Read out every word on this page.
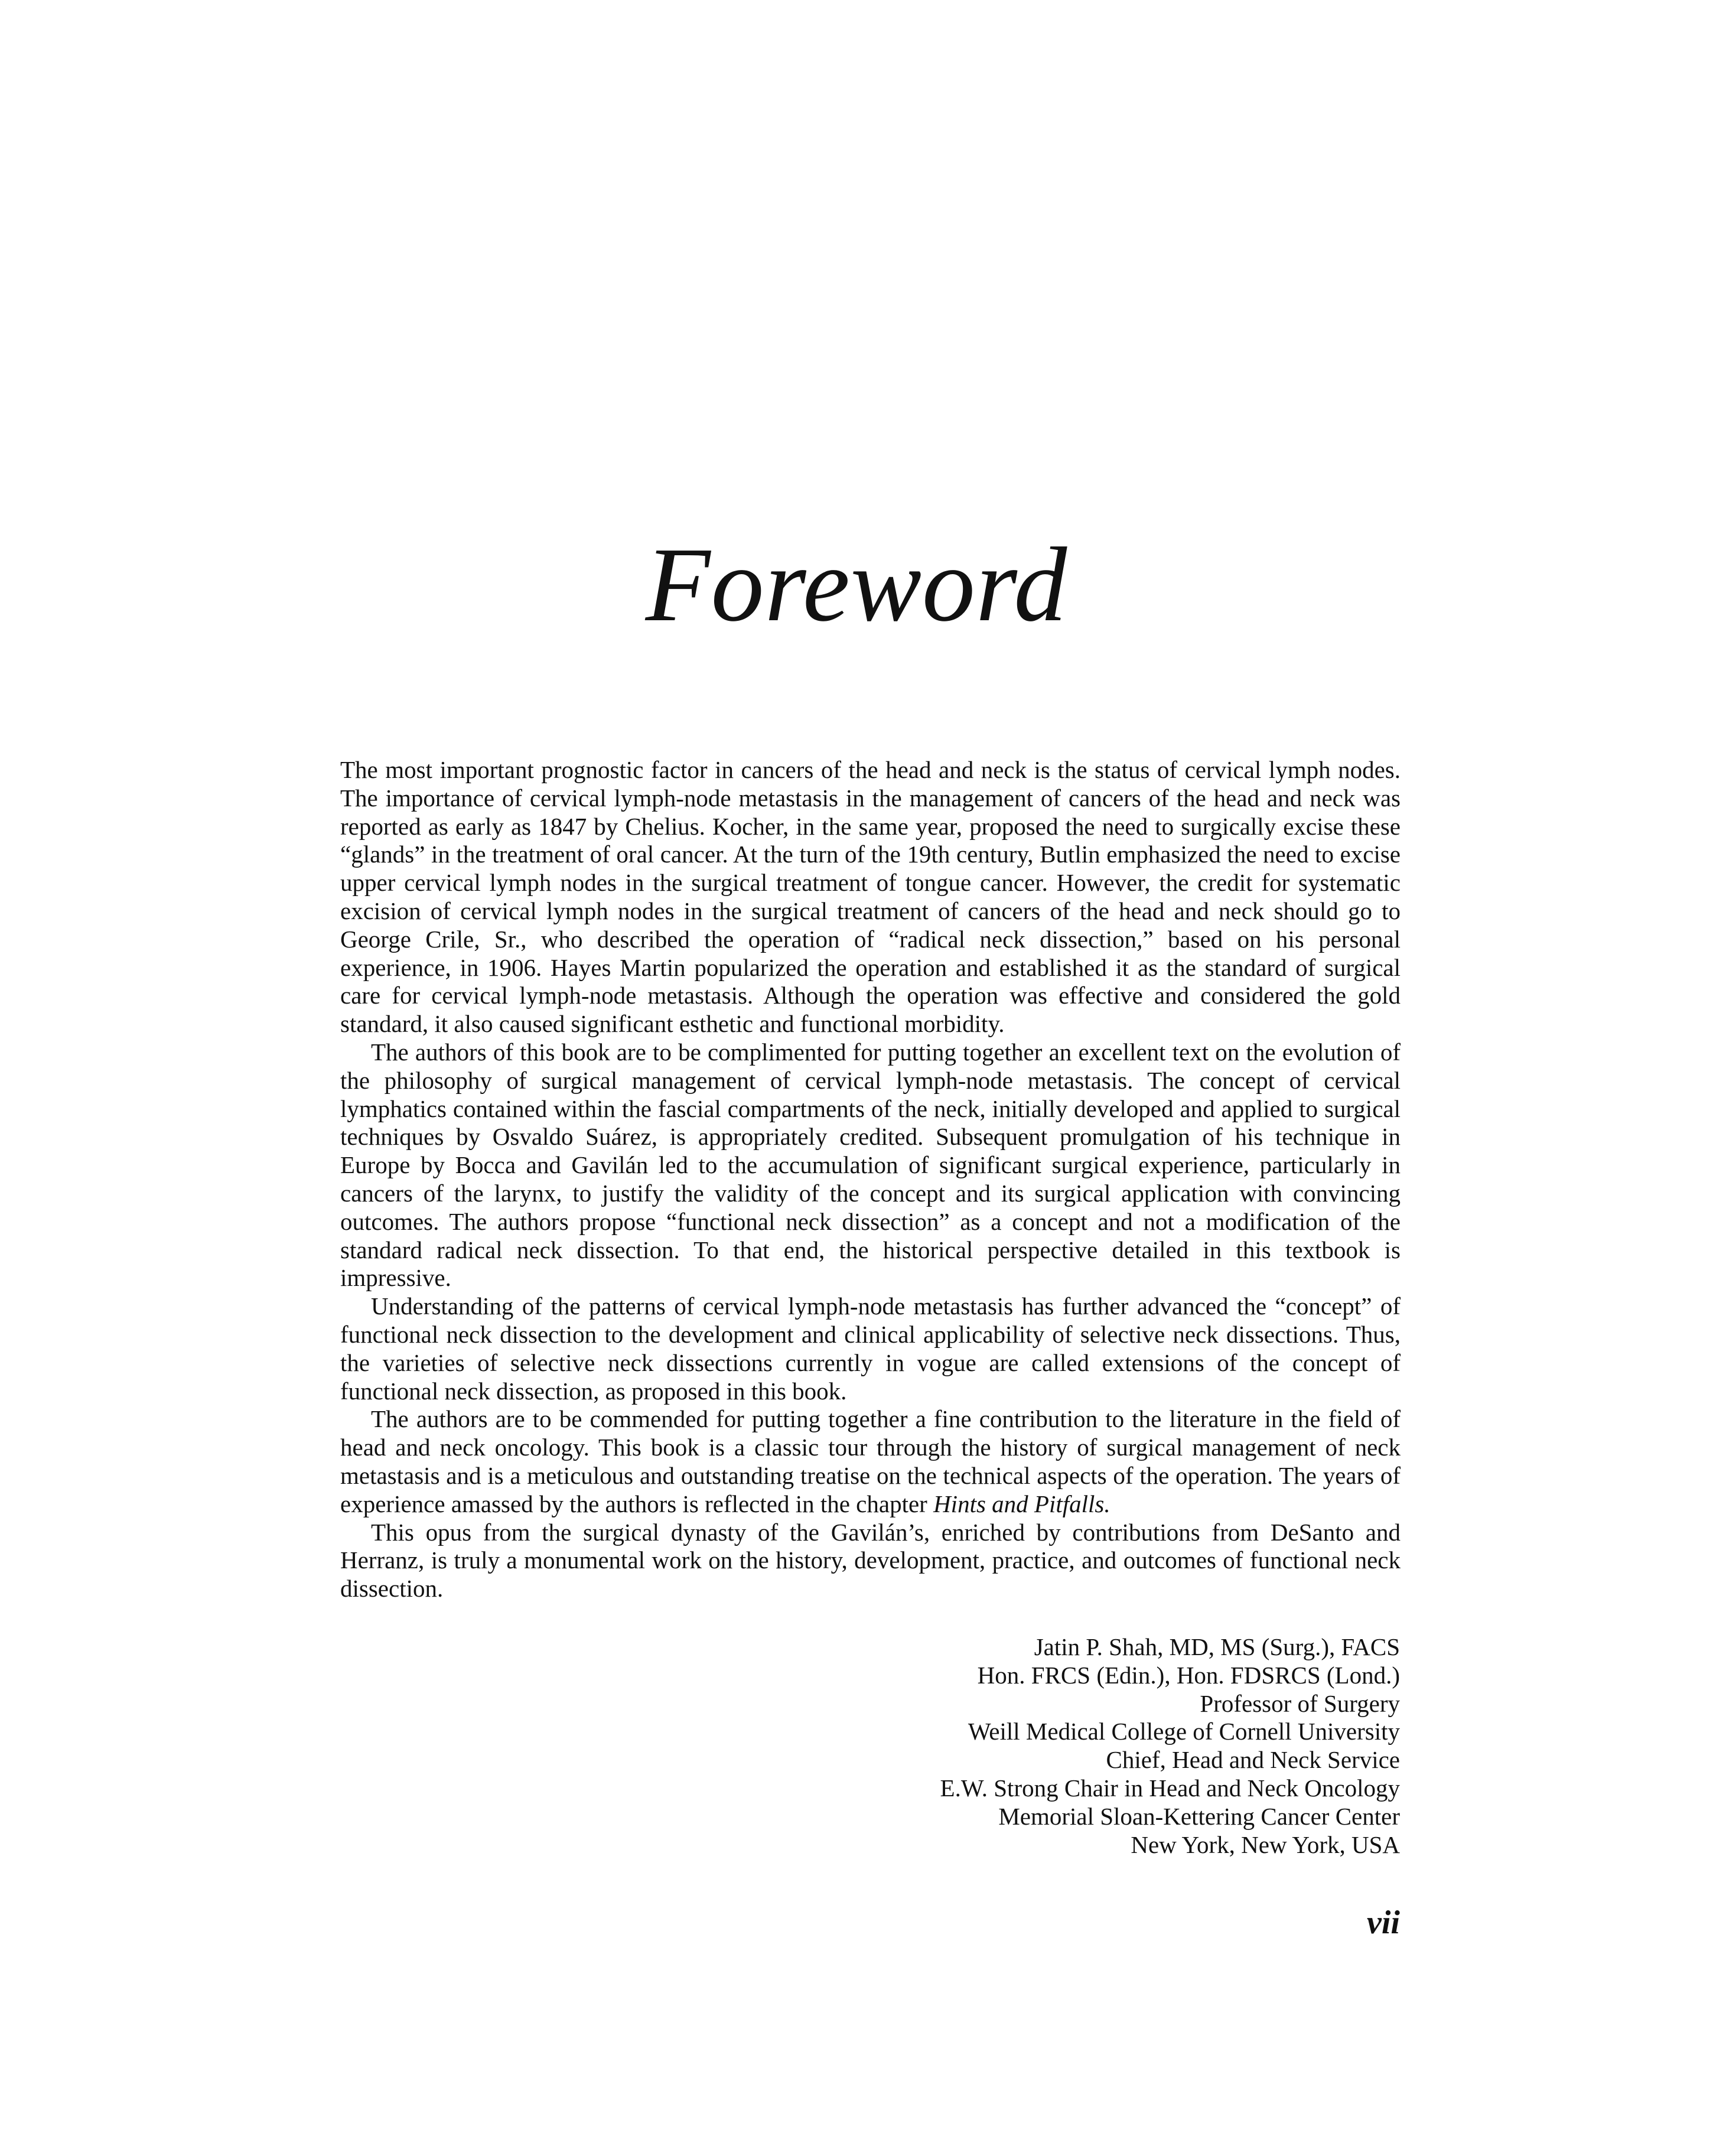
Foreword

The most important prognostic factor in cancers of the head and neck is the status of cervical lymph nodes. The importance of cervical lymph-node metastasis in the management of cancers of the head and neck was reported as early as 1847 by Chelius. Kocher, in the same year, proposed the need to surgically excise these “glands” in the treatment of oral cancer. At the turn of the 19th century, Butlin emphasized the need to excise upper cervical lymph nodes in the surgical treatment of tongue cancer. However, the credit for systematic excision of cervical lymph nodes in the surgical treatment of cancers of the head and neck should go to George Crile, Sr., who described the operation of “radical neck dissection,” based on his personal experience, in 1906. Hayes Martin popularized the operation and established it as the standard of surgical care for cervical lymph-node metastasis. Although the operation was effective and considered the gold standard, it also caused significant esthetic and functional morbidity.

The authors of this book are to be complimented for putting together an excellent text on the evolution of the philosophy of surgical management of cervical lymph-node metastasis. The concept of cervical lymphatics contained within the fascial compartments of the neck, initially developed and applied to surgical techniques by Osvaldo Suárez, is appropriately credited. Subsequent promulgation of his technique in Europe by Bocca and Gavilán led to the accumulation of significant surgical experience, particularly in cancers of the larynx, to justify the validity of the concept and its surgical application with convincing outcomes. The authors propose “functional neck dissection” as a concept and not a modification of the standard radical neck dissection. To that end, the historical perspective detailed in this textbook is impressive.

Understanding of the patterns of cervical lymph-node metastasis has further advanced the “concept” of functional neck dissection to the development and clinical applicability of selective neck dissections. Thus, the varieties of selective neck dissections currently in vogue are called extensions of the concept of functional neck dissection, as proposed in this book.

The authors are to be commended for putting together a fine contribution to the literature in the field of head and neck oncology. This book is a classic tour through the history of surgical management of neck metastasis and is a meticulous and outstanding treatise on the technical aspects of the operation. The years of experience amassed by the authors is reflected in the chapter Hints and Pitfalls.

This opus from the surgical dynasty of the Gavilán’s, enriched by contributions from DeSanto and Herranz, is truly a monumental work on the history, development, practice, and outcomes of functional neck dissection.

Jatin P. Shah, MD, MS (Surg.), FACS
Hon. FRCS (Edin.), Hon. FDSRCS (Lond.)
Professor of Surgery
Weill Medical College of Cornell University
Chief, Head and Neck Service
E.W. Strong Chair in Head and Neck Oncology
Memorial Sloan-Kettering Cancer Center
New York, New York, USA
vii
